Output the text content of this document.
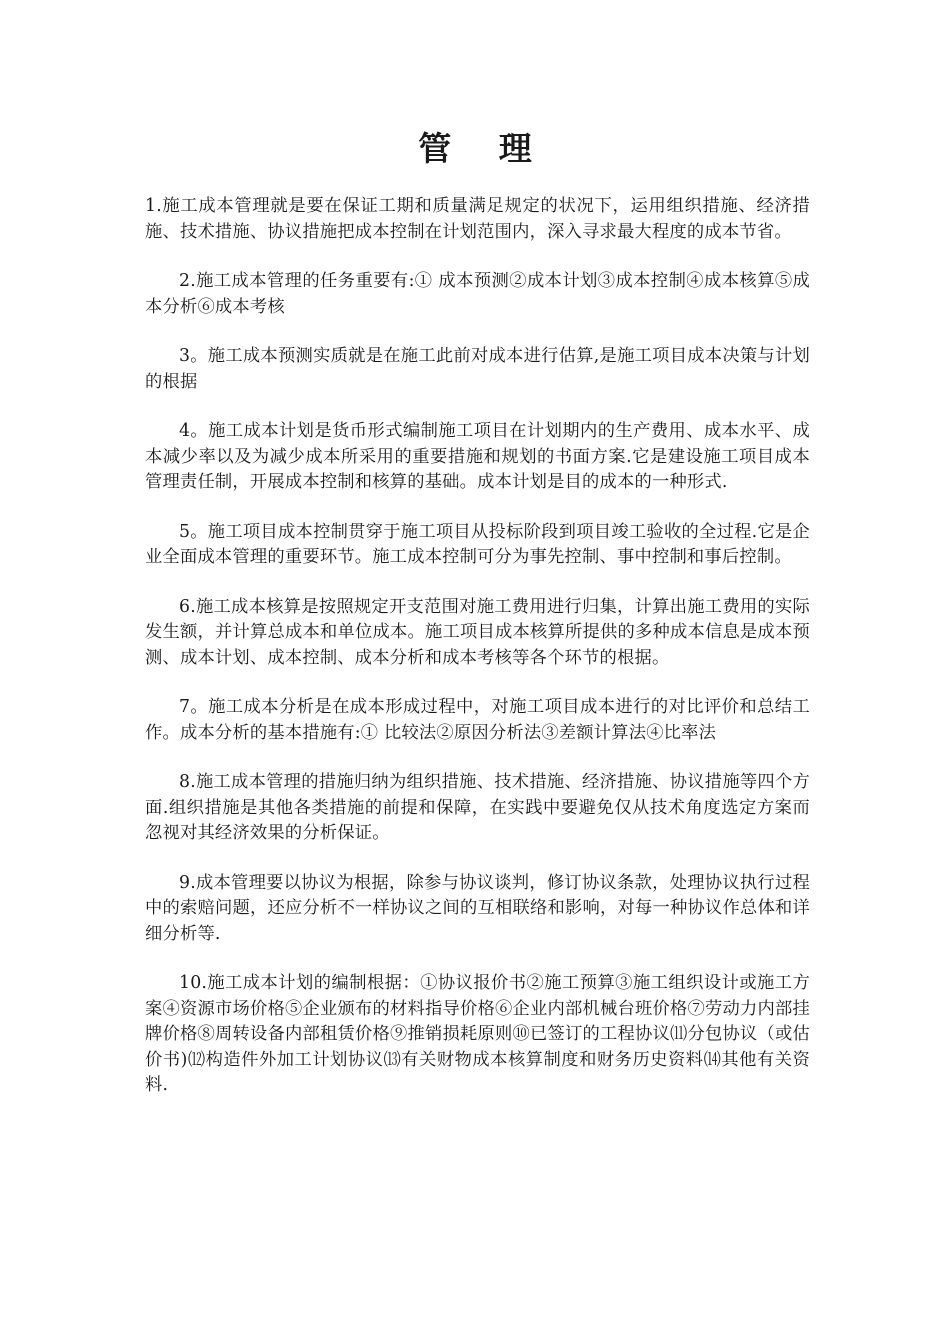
管 理

1.施工成本管理就是要在保证工期和质量满足规定的状况下，运用组织措施、经济措施、技术措施、协议措施把成本控制在计划范围内，深入寻求最大程度的成本节省。

2.施工成本管理的任务重要有:① 成本预测②成本计划③成本控制④成本核算⑤成本分析⑥成本考核

3。施工成本预测实质就是在施工此前对成本进行估算,是施工项目成本决策与计划的根据

4。施工成本计划是货币形式编制施工项目在计划期内的生产费用、成本水平、成本减少率以及为减少成本所采用的重要措施和规划的书面方案.它是建设施工项目成本管理责任制，开展成本控制和核算的基础。成本计划是目的成本的一种形式.

5。施工项目成本控制贯穿于施工项目从投标阶段到项目竣工验收的全过程.它是企业全面成本管理的重要环节。施工成本控制可分为事先控制、事中控制和事后控制。

6.施工成本核算是按照规定开支范围对施工费用进行归集，计算出施工费用的实际发生额，并计算总成本和单位成本。施工项目成本核算所提供的多种成本信息是成本预测、成本计划、成本控制、成本分析和成本考核等各个环节的根据。

7。施工成本分析是在成本形成过程中，对施工项目成本进行的对比评价和总结工作。成本分析的基本措施有:① 比较法②原因分析法③差额计算法④比率法

8.施工成本管理的措施归纳为组织措施、技术措施、经济措施、协议措施等四个方面.组织措施是其他各类措施的前提和保障，在实践中要避免仅从技术角度选定方案而忽视对其经济效果的分析保证。

9.成本管理要以协议为根据，除参与协议谈判，修订协议条款，处理协议执行过程中的索赔问题，还应分析不一样协议之间的互相联络和影响，对每一种协议作总体和详细分析等.

10.施工成本计划的编制根据：①协议报价书②施工预算③施工组织设计或施工方案④资源市场价格⑤企业颁布的材料指导价格⑥企业内部机械台班价格⑦劳动力内部挂牌价格⑧周转设备内部租赁价格⑨推销损耗原则⑩已签订的工程协议⑾分包协议（或估价书)⑿构造件外加工计划协议⒀有关财物成本核算制度和财务历史资料⒁其他有关资料.
